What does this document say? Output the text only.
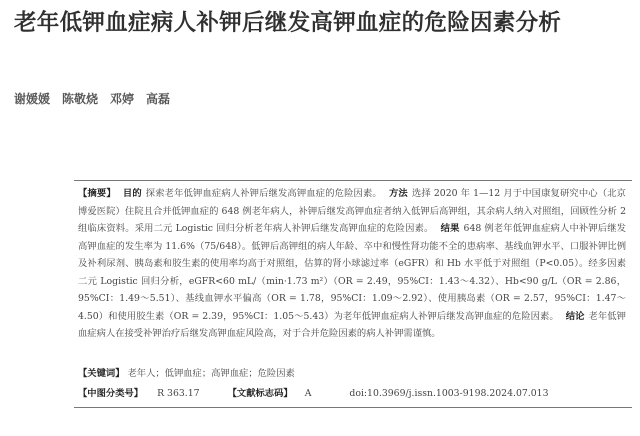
老年低钾血症病人补钾后继发高钾血症的危险因素分析
谢媛媛 陈敬烧 邓婷 高磊
【摘要】 目的 探索老年低钾血症病人补钾后继发高钾血症的危险因素。 方法 选择 2020 年 1—12 月于中国康复研究中心（北京博爱医院）住院且合并低钾血症的 648 例老年病人，补钾后继发高钾血症者纳入低钾后高钾组，其余病人纳入对照组，回顾性分析 2 组临床资料。采用二元 Logistic 回归分析老年病人补钾后继发高钾血症的危险因素。 结果 648 例老年低钾血症病人中补钾后继发高钾血症的发生率为 11.6%（75/648）。低钾后高钾组的病人年龄、卒中和慢性肾功能不全的患病率、基线血钾水平、口服补钾比例及补利尿剂、胰岛素和胶生素的使用率均高于对照组，估算的肾小球滤过率（eGFR）和 Hb 水平低于对照组（P<0.05）。经多因素二元 Logistic 回归分析，eGFR<60 mL/（min·1.73 m²）（OR = 2.49，95%CI：1.43～4.32）、Hb<90 g/L（OR = 2.86，95%CI：1.49～5.51）、基线血钾水平偏高（OR = 1.78，95%CI：1.09～2.92）、使用胰岛素（OR = 2.57，95%CI：1.47～4.50）和使用胶生素（OR = 2.39，95%CI：1.05～5.43）为老年低钾血症病人补钾后继发高钾血症的危险因素。 结论 老年低钾血症病人在接受补钾治疗后继发高钾血症风险高，对于合并危险因素的病人补钾需谨慎。
【关键词】 老年人；低钾血症；高钾血症；危险因素
【中图分类号】 R 363.17	【文献标志码】 A	doi:10.3969/j.issn.1003-9198.2024.07.013
